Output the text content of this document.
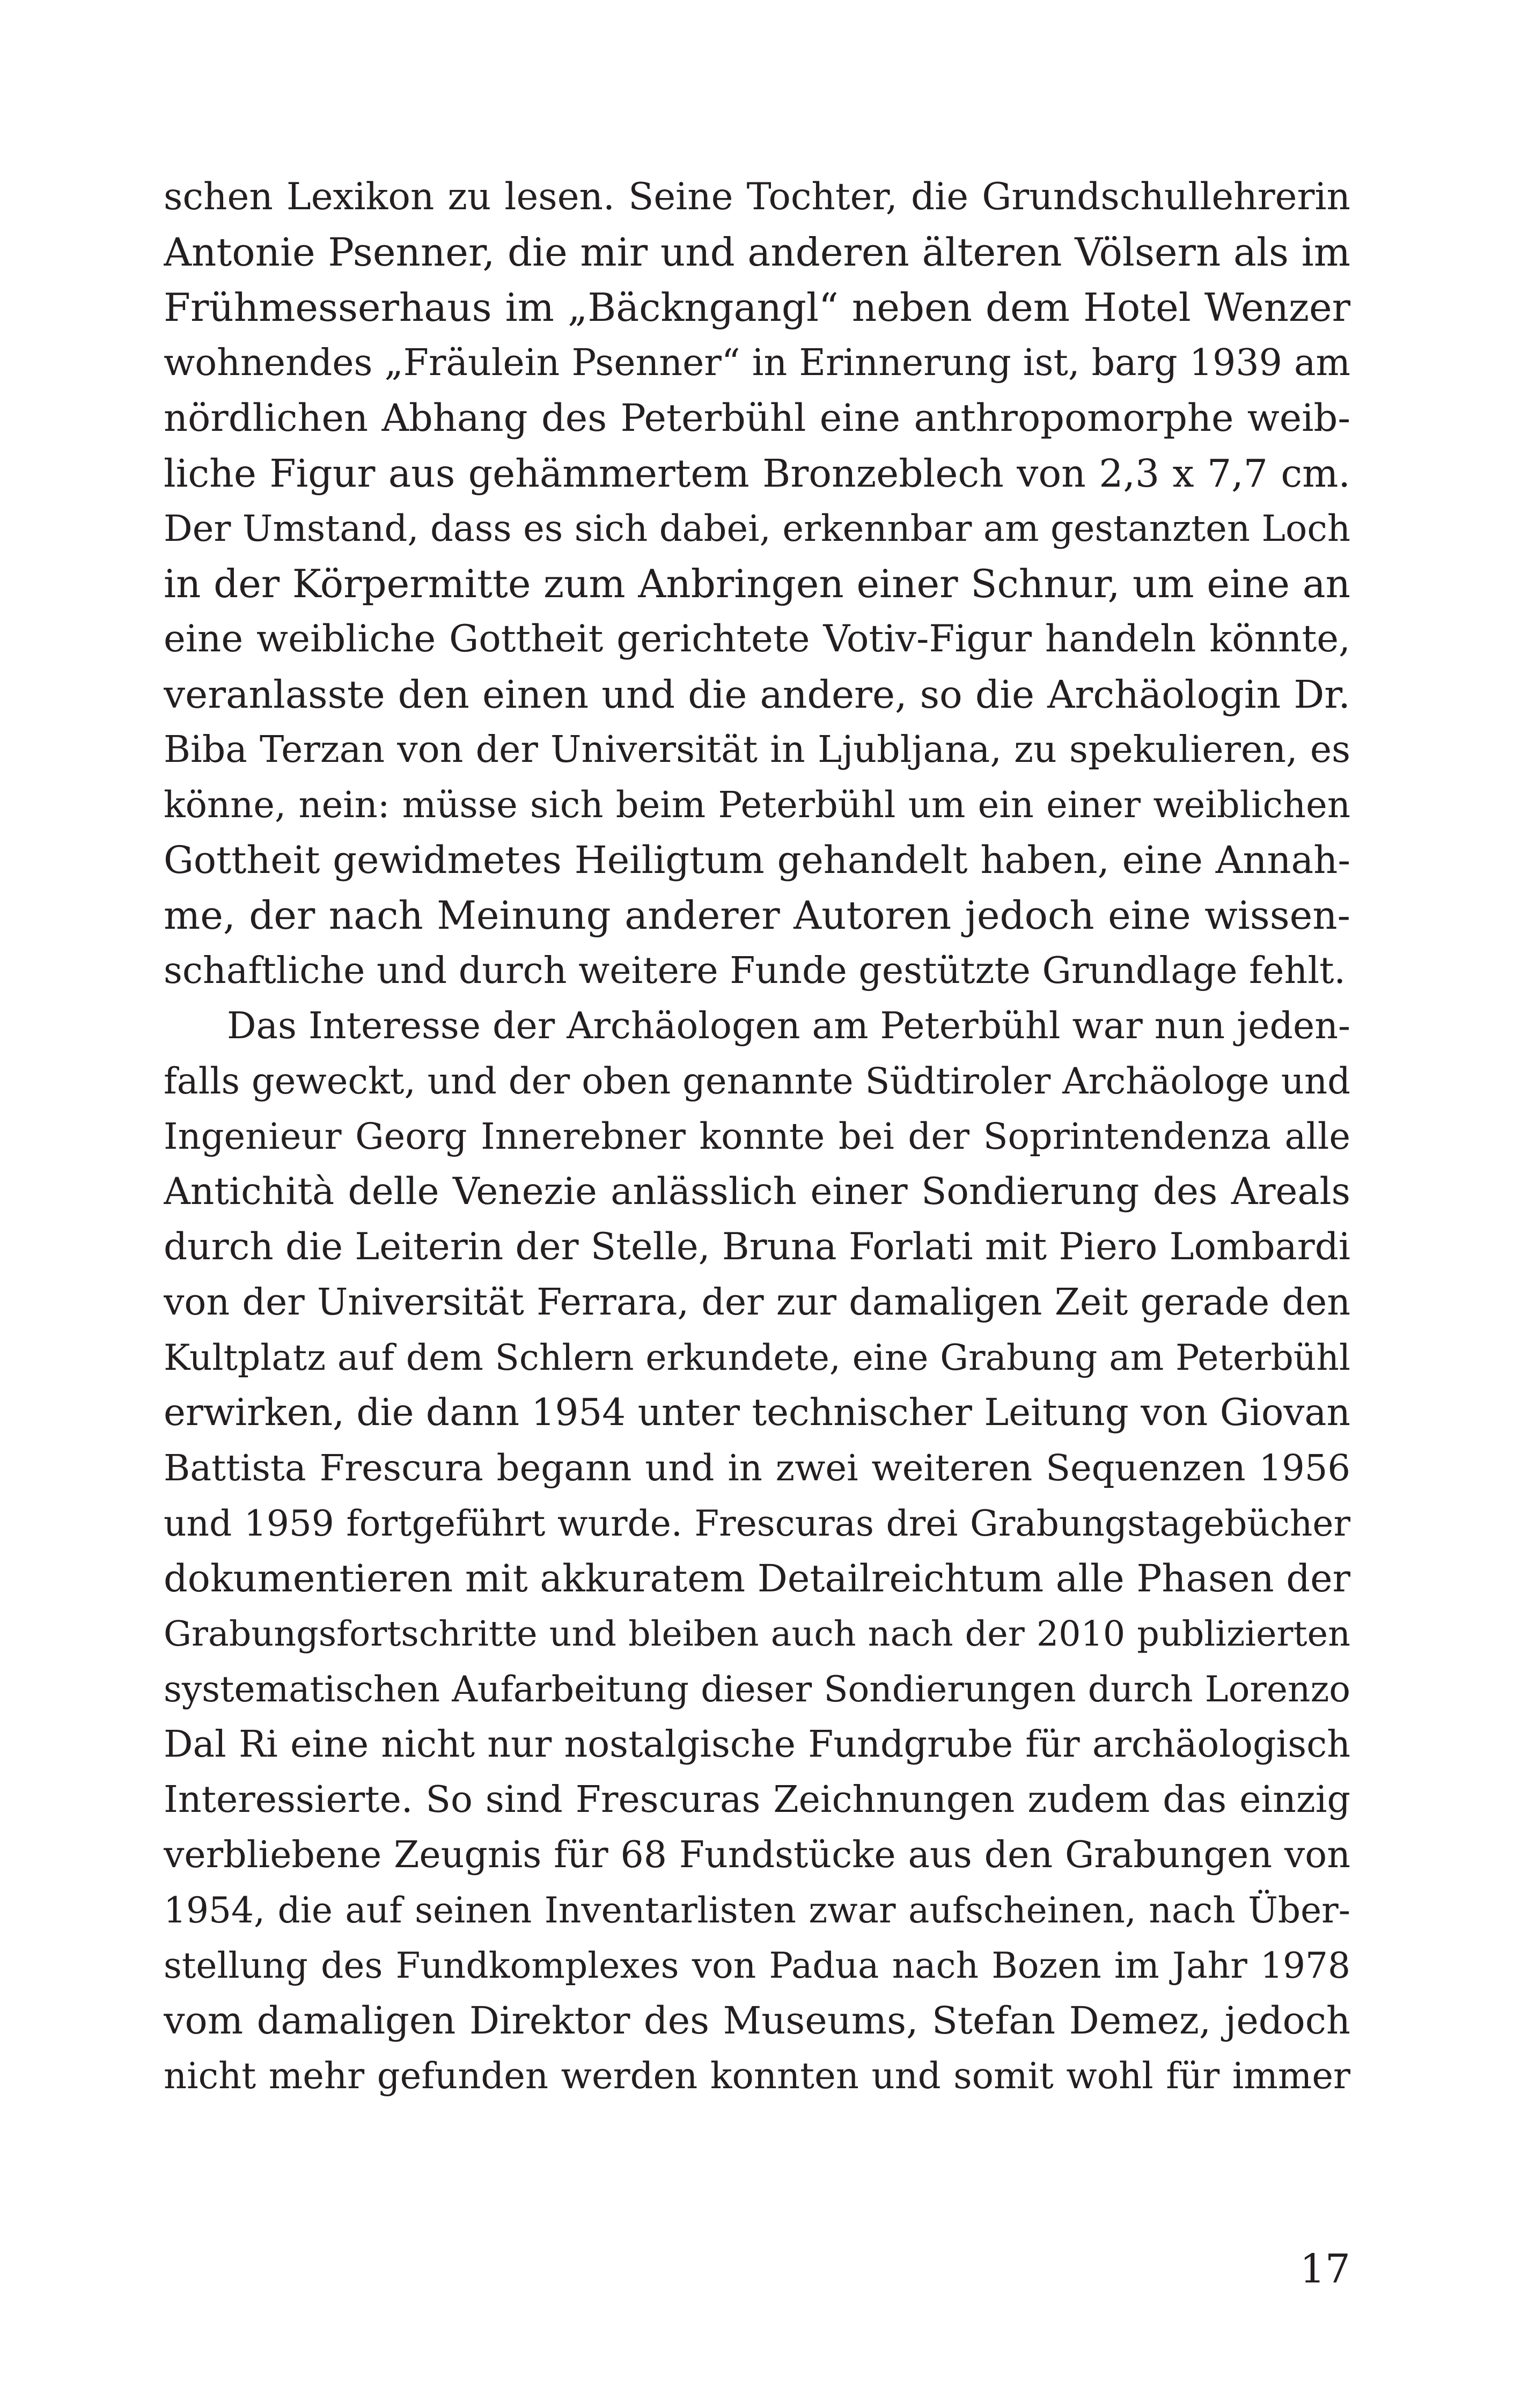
schen Lexikon zu lesen. Seine Tochter, die Grundschullehrerin
Antonie Psenner, die mir und anderen älteren Völsern als im
Frühmesserhaus im „Bäckngangl“ neben dem Hotel Wenzer
wohnendes „Fräulein Psenner“ in Erinnerung ist, barg 1939 am
nördlichen Abhang des Peterbühl eine anthropomorphe weib-
liche Figur aus gehämmertem Bronzeblech von 2,3 x 7,7 cm.
Der Umstand, dass es sich dabei, erkennbar am gestanzten Loch
in der Körpermitte zum Anbringen einer Schnur, um eine an
eine weibliche Gottheit gerichtete Votiv-Figur handeln könnte,
veranlasste den einen und die andere, so die Archäologin Dr.
Biba Terzan von der Universität in Ljubljana, zu spekulieren, es
könne, nein: müsse sich beim Peterbühl um ein einer weiblichen
Gottheit gewidmetes Heiligtum gehandelt haben, eine Annah-
me, der nach Meinung anderer Autoren jedoch eine wissen-
schaftliche und durch weitere Funde gestützte Grundlage fehlt.
Das Interesse der Archäologen am Peterbühl war nun jeden-
falls geweckt, und der oben genannte Südtiroler Archäologe und
Ingenieur Georg Innerebner konnte bei der Soprintendenza alle
Antichità delle Venezie anlässlich einer Sondierung des Areals
durch die Leiterin der Stelle, Bruna Forlati mit Piero Lombardi
von der Universität Ferrara, der zur damaligen Zeit gerade den
Kultplatz auf dem Schlern erkundete, eine Grabung am Peterbühl
erwirken, die dann 1954 unter technischer Leitung von Giovan
Battista Frescura begann und in zwei weiteren Sequenzen 1956
und 1959 fortgeführt wurde. Frescuras drei Grabungstagebücher
dokumentieren mit akkuratem Detailreichtum alle Phasen der
Grabungsfortschritte und bleiben auch nach der 2010 publizierten
systematischen Aufarbeitung dieser Sondierungen durch Lorenzo
Dal Ri eine nicht nur nostalgische Fundgrube für archäologisch
Interessierte. So sind Frescuras Zeichnungen zudem das einzig
verbliebene Zeugnis für 68 Fundstücke aus den Grabungen von
1954, die auf seinen Inventarlisten zwar aufscheinen, nach Über-
stellung des Fundkomplexes von Padua nach Bozen im Jahr 1978
vom damaligen Direktor des Museums, Stefan Demez, jedoch
nicht mehr gefunden werden konnten und somit wohl für immer
17
